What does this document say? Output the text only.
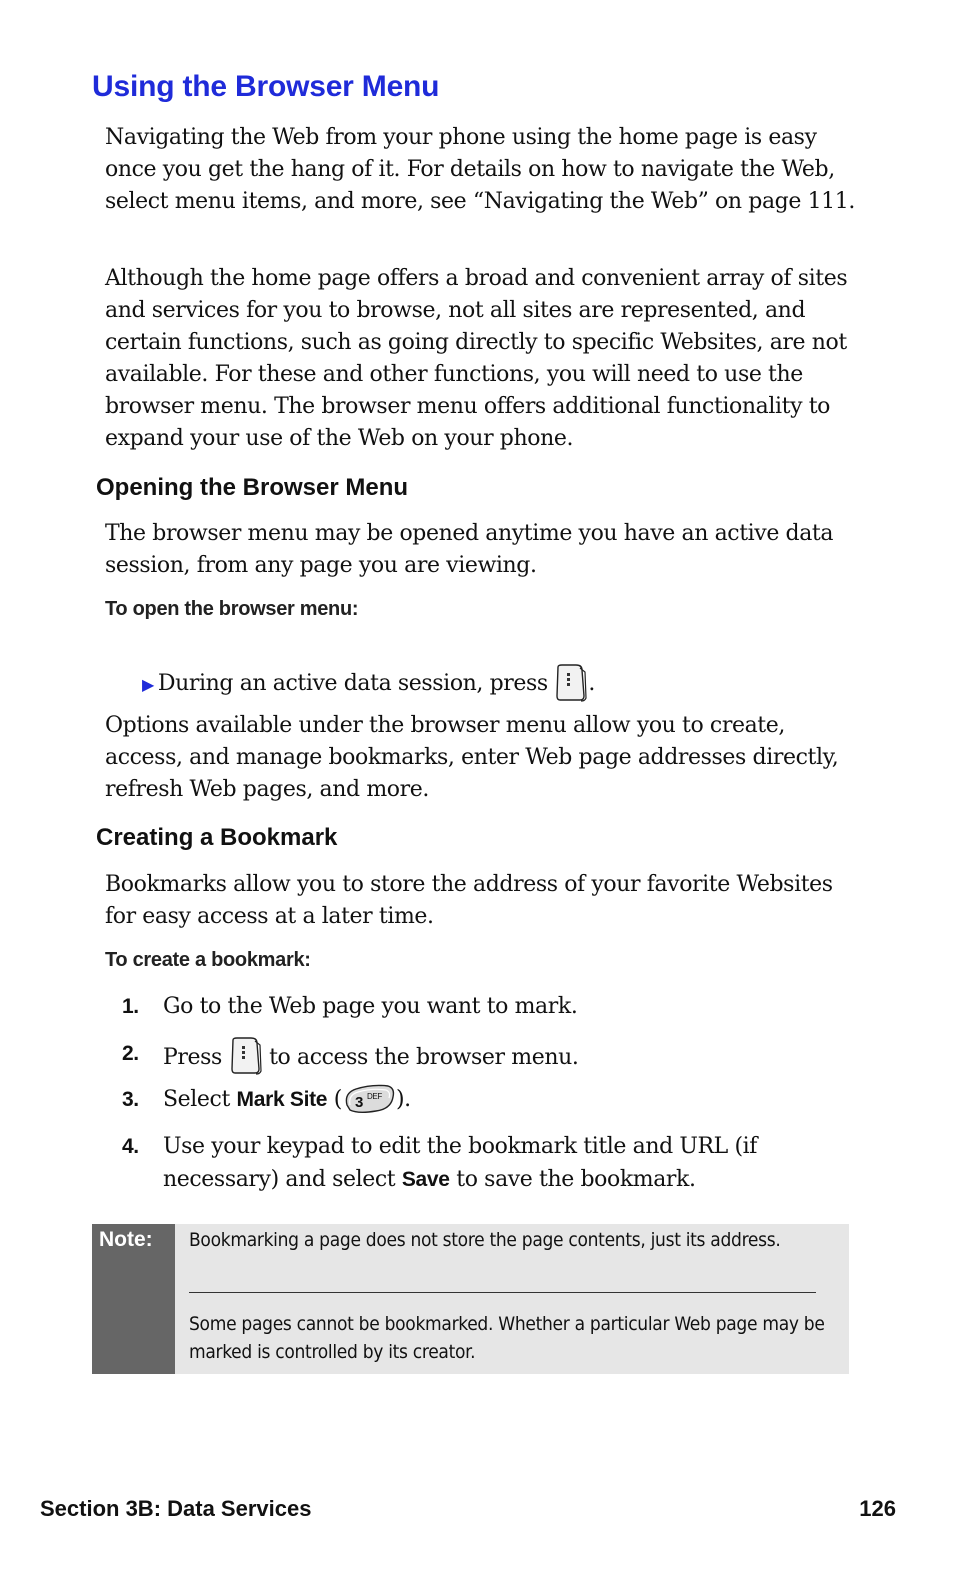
Using the Browser Menu

Navigating the Web from your phone using the home page is easy once you get the hang of it. For details on how to navigate the Web, select menu items, and more, see “Navigating the Web” on page 111.

Although the home page offers a broad and convenient array of sites and services for you to browse, not all sites are represented, and certain functions, such as going directly to specific Websites, are not available. For these and other functions, you will need to use the browser menu. The browser menu offers additional functionality to expand your use of the Web on your phone.

Opening the Browser Menu

The browser menu may be opened anytime you have an active data session, from any page you are viewing.

To open the browser menu:

▶ During an active data session, press .

Options available under the browser menu allow you to create, access, and manage bookmarks, enter Web page addresses directly, refresh Web pages, and more.

Creating a Bookmark

Bookmarks allow you to store the address of your favorite Websites for easy access at a later time.

To create a bookmark:
1. Go to the Web page you want to mark.
2. Press to access the browser menu.
3. Select Mark Site ( 3 DEF ).
4. Use your keypad to edit the bookmark title and URL (if necessary) and select Save to save the bookmark.
Note: Bookmarking a page does not store the page contents, just its address.
Some pages cannot be bookmarked. Whether a particular Web page may be marked is controlled by its creator.

Section 3B: Data Services	126
